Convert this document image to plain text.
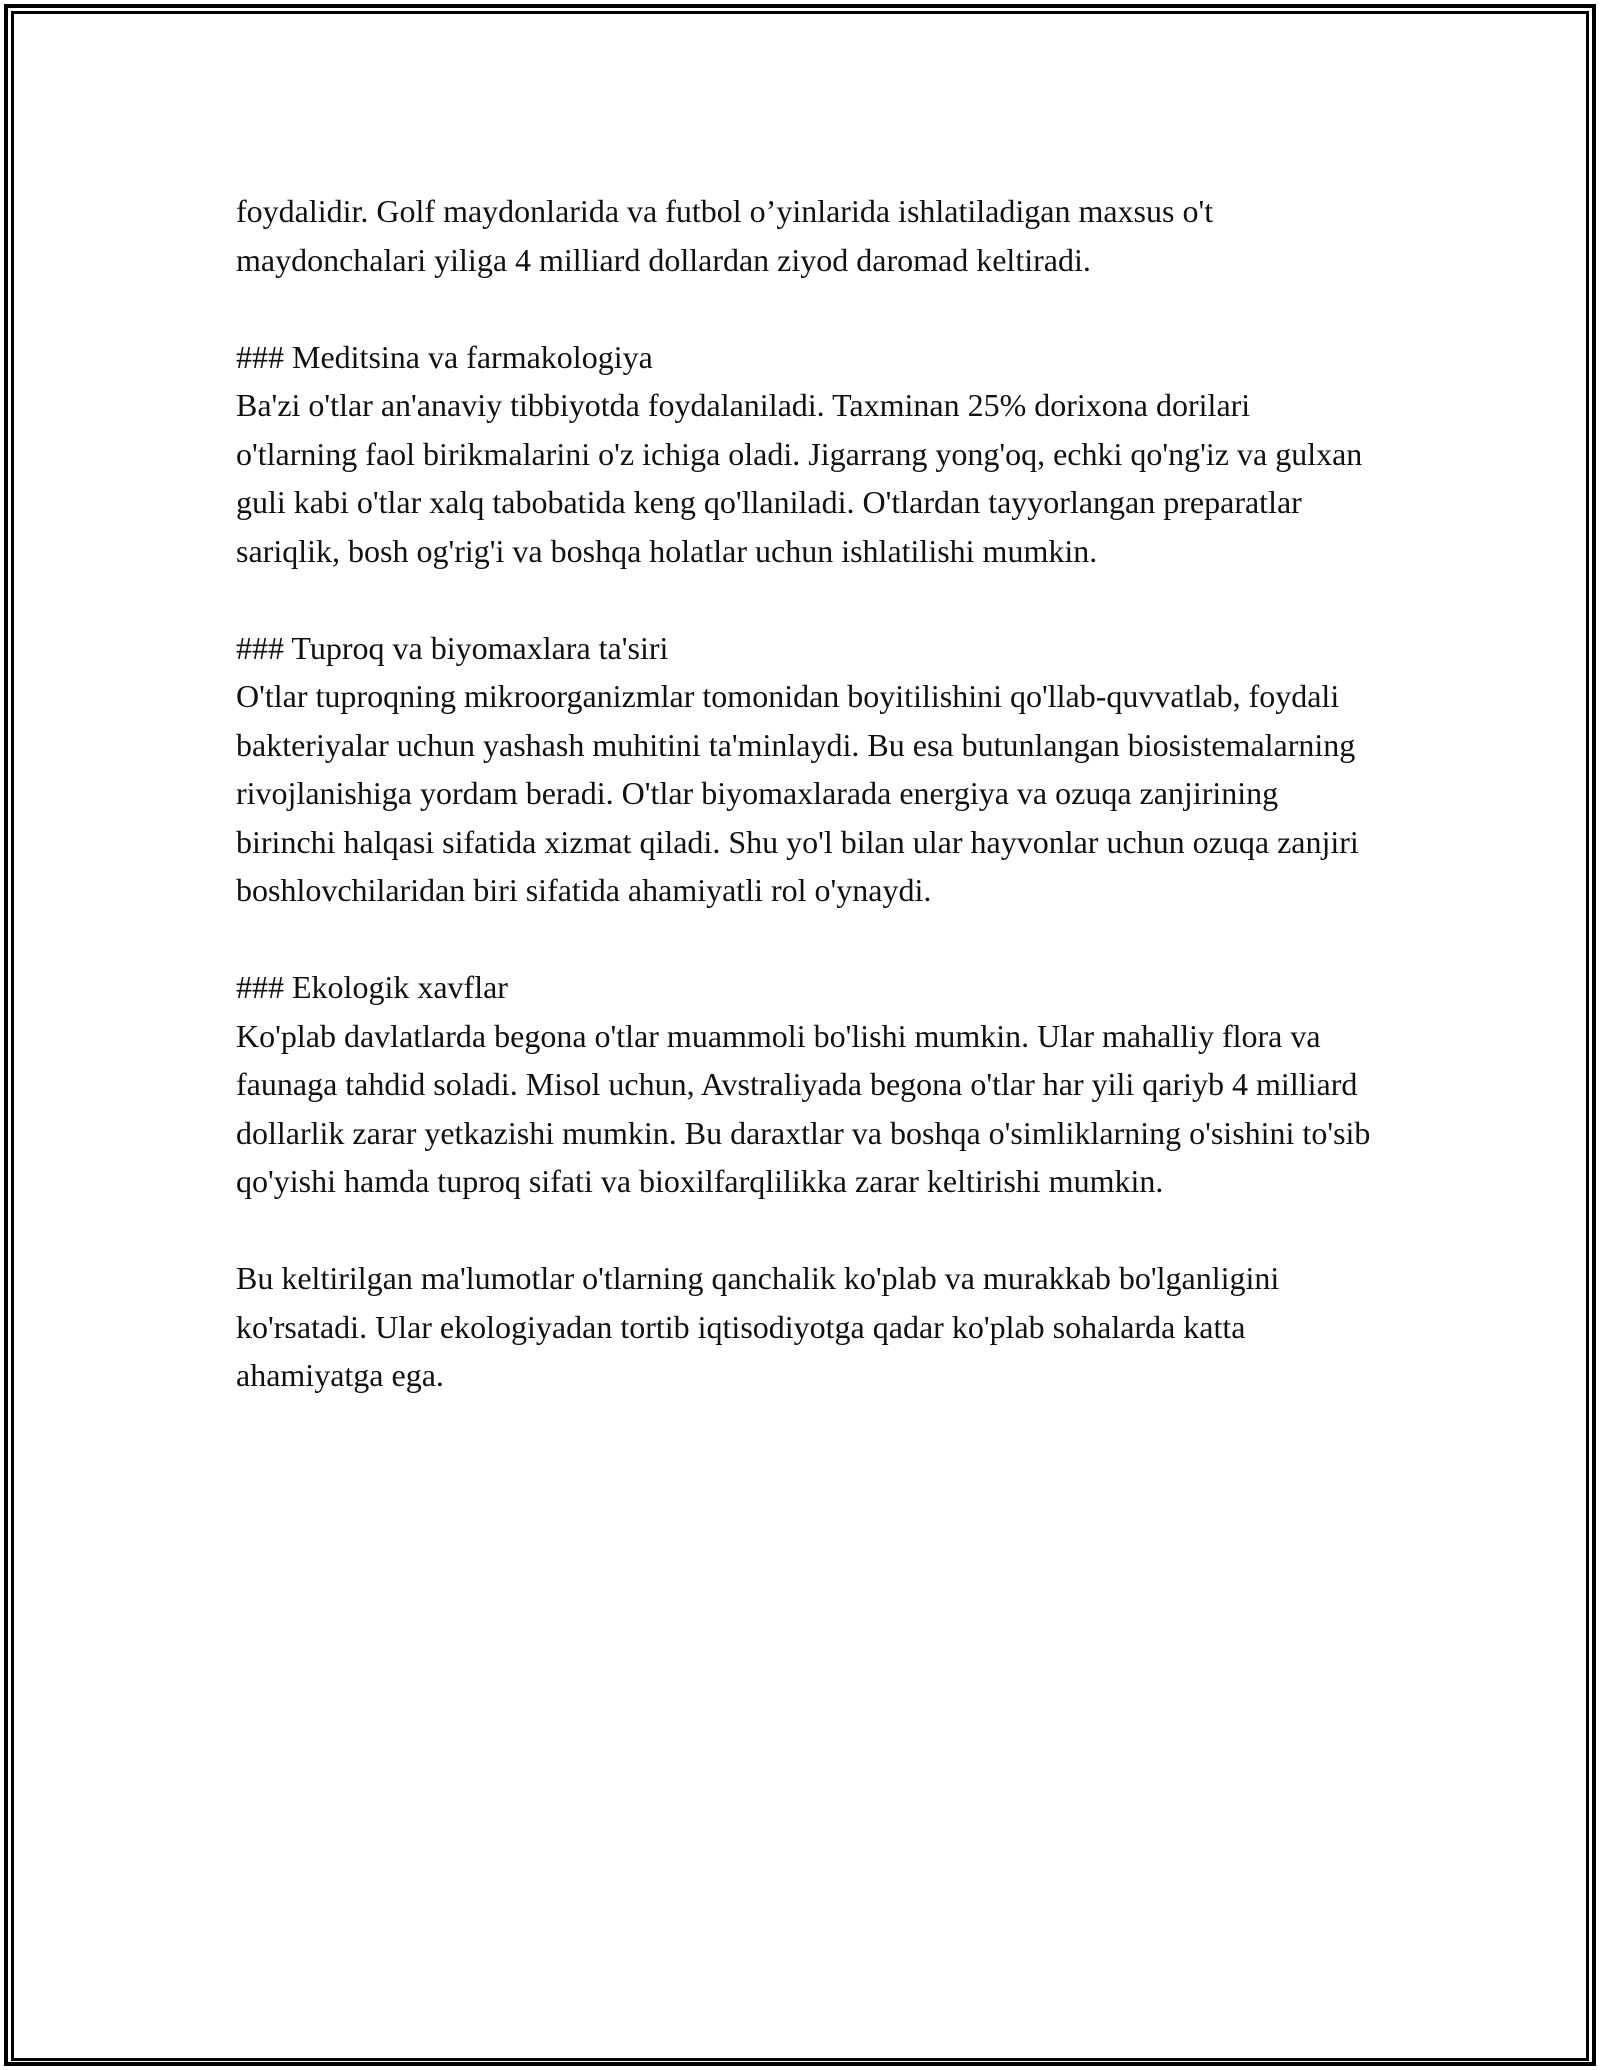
foydalidir. Golf maydonlarida va futbol o’yinlarida ishlatiladigan maxsus o't maydonchalari yiliga 4 milliard dollardan ziyod daromad keltiradi.

### Meditsina va farmakologiya

Ba'zi o'tlar an'anaviy tibbiyotda foydalaniladi. Taxminan 25% dorixona dorilari o'tlarning faol birikmalarini o'z ichiga oladi. Jigarrang yong'oq, echki qo'ng'iz va gulxan guli kabi o'tlar xalq tabobatida keng qo'llaniladi. O'tlardan tayyorlangan preparatlar sariqlik, bosh og'rig'i va boshqa holatlar uchun ishlatilishi mumkin.

### Tuproq va biyomaxlara ta'siri

O'tlar tuproqning mikroorganizmlar tomonidan boyitilishini qo'llab-quvvatlab, foydali bakteriyalar uchun yashash muhitini ta'minlaydi. Bu esa butunlangan biosistemalarning rivojlanishiga yordam beradi. O'tlar biyomaxlarada energiya va ozuqa zanjirining birinchi halqasi sifatida xizmat qiladi. Shu yo'l bilan ular hayvonlar uchun ozuqa zanjiri boshlovchilaridan biri sifatida ahamiyatli rol o'ynaydi.

### Ekologik xavflar

Ko'plab davlatlarda begona o'tlar muammoli bo'lishi mumkin. Ular mahalliy flora va faunaga tahdid soladi. Misol uchun, Avstraliyada begona o'tlar har yili qariyb 4 milliard dollarlik zarar yetkazishi mumkin. Bu daraxtlar va boshqa o'simliklarning o'sishini to'sib qo'yishi hamda tuproq sifati va bioxilfarqlilikka zarar keltirishi mumkin.

Bu keltirilgan ma'lumotlar o'tlarning qanchalik ko'plab va murakkab bo'lganligini ko'rsatadi. Ular ekologiyadan tortib iqtisodiyotga qadar ko'plab sohalarda katta ahamiyatga ega.
